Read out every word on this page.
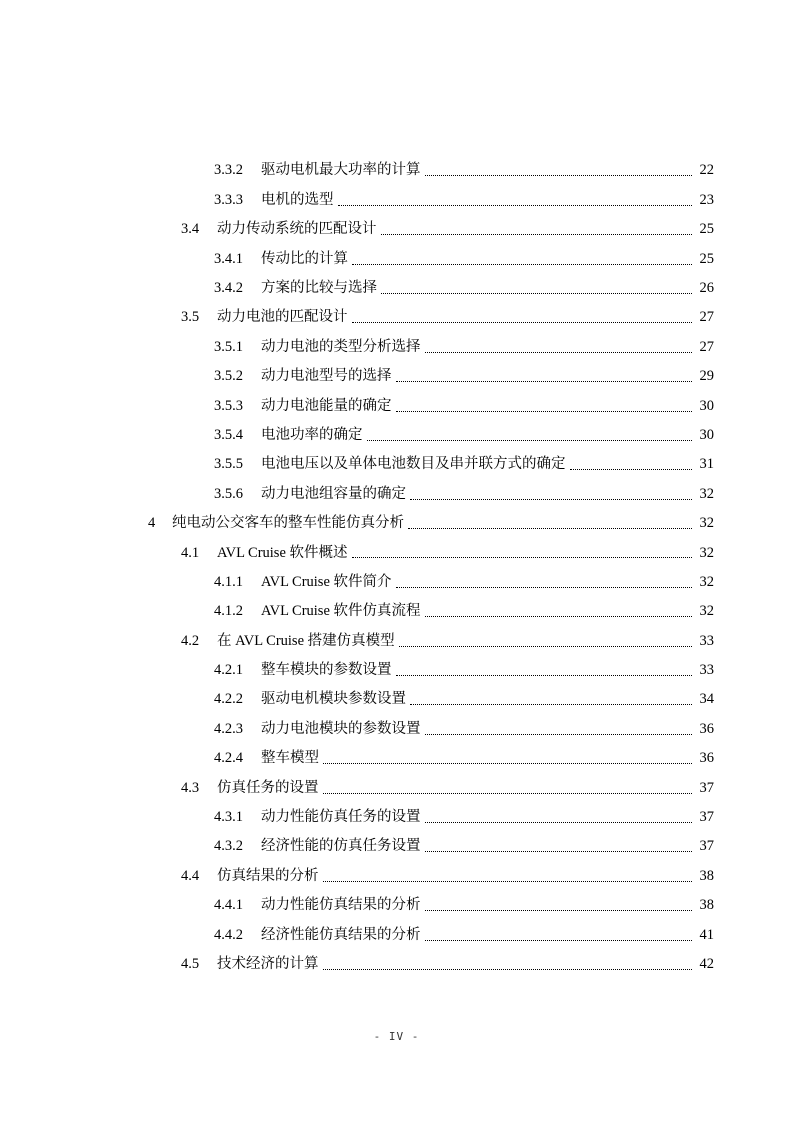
3.3.2	驱动电机最大功率的计算	22
3.3.3	电机的选型	23
3.4	动力传动系统的匹配设计	25
3.4.1	传动比的计算	25
3.4.2	方案的比较与选择	26
3.5	动力电池的匹配设计	27
3.5.1	动力电池的类型分析选择	27
3.5.2	动力电池型号的选择	29
3.5.3	动力电池能量的确定	30
3.5.4	电池功率的确定	30
3.5.5	电池电压以及单体电池数目及串并联方式的确定	31
3.5.6	动力电池组容量的确定	32
4	纯电动公交客车的整车性能仿真分析	32
4.1	AVL Cruise 软件概述	32
4.1.1	AVL Cruise 软件简介	32
4.1.2	AVL Cruise 软件仿真流程	32
4.2	在 AVL Cruise 搭建仿真模型	33
4.2.1	整车模块的参数设置	33
4.2.2	驱动电机模块参数设置	34
4.2.3	动力电池模块的参数设置	36
4.2.4	整车模型	36
4.3	仿真任务的设置	37
4.3.1	动力性能仿真任务的设置	37
4.3.2	经济性能的仿真任务设置	37
4.4	仿真结果的分析	38
4.4.1	动力性能仿真结果的分析	38
4.4.2	经济性能仿真结果的分析	41
4.5	技术经济的计算	42
- IV -
